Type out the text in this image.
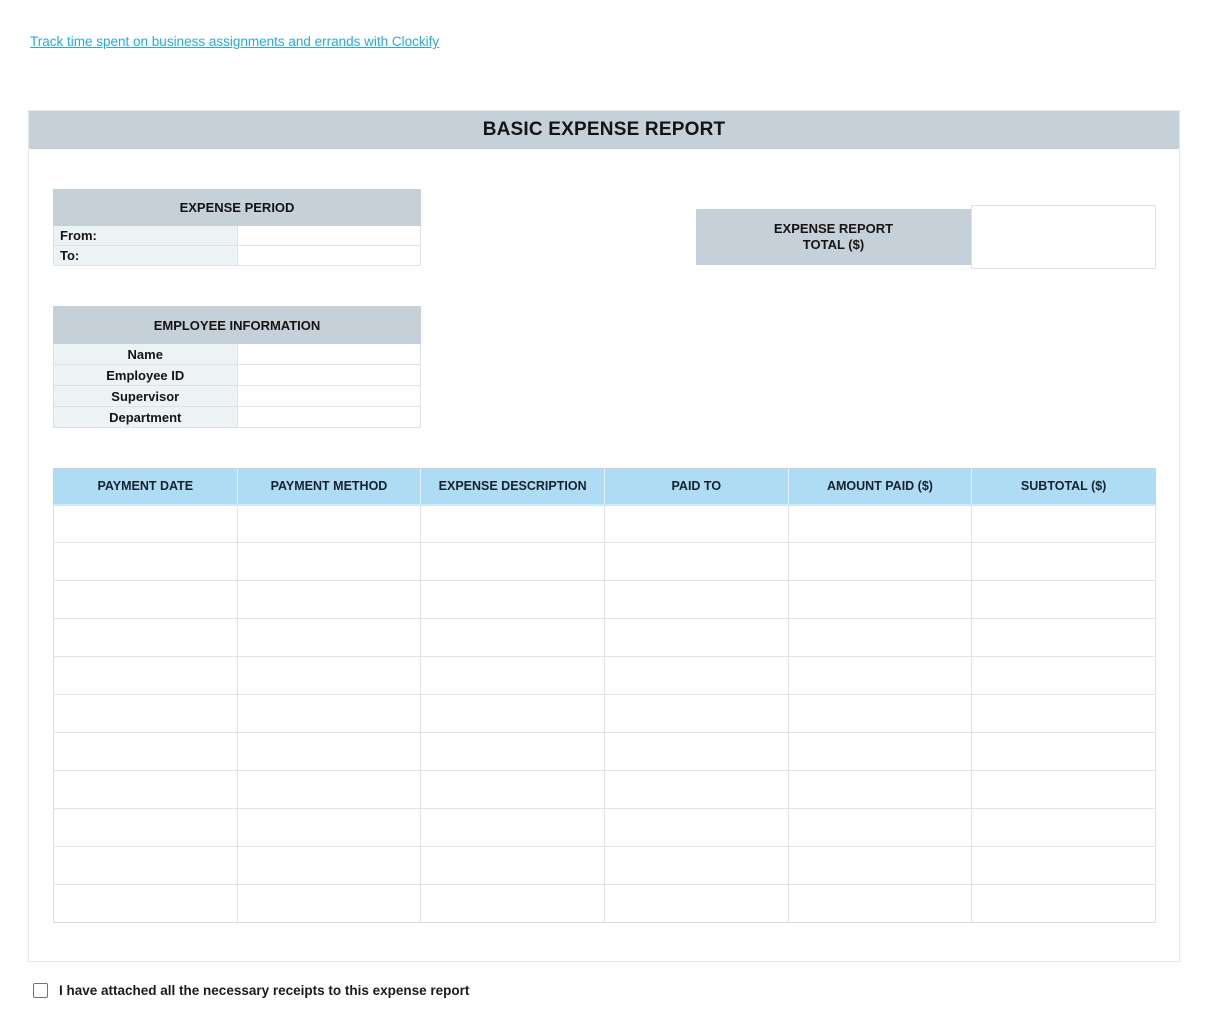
Track time spent on business assignments and errands with Clockify
BASIC EXPENSE REPORT
EXPENSE PERIOD	
From:	
To:	
EXPENSE REPORT
TOTAL ($)
EMPLOYEE INFORMATION	
Name	
Employee ID	
Supervisor	
Department	
PAYMENT DATE	PAYMENT METHOD	EXPENSE DESCRIPTION	PAID TO	AMOUNT PAID ($)	SUBTOTAL ($)

I have attached all the necessary receipts to this expense report
